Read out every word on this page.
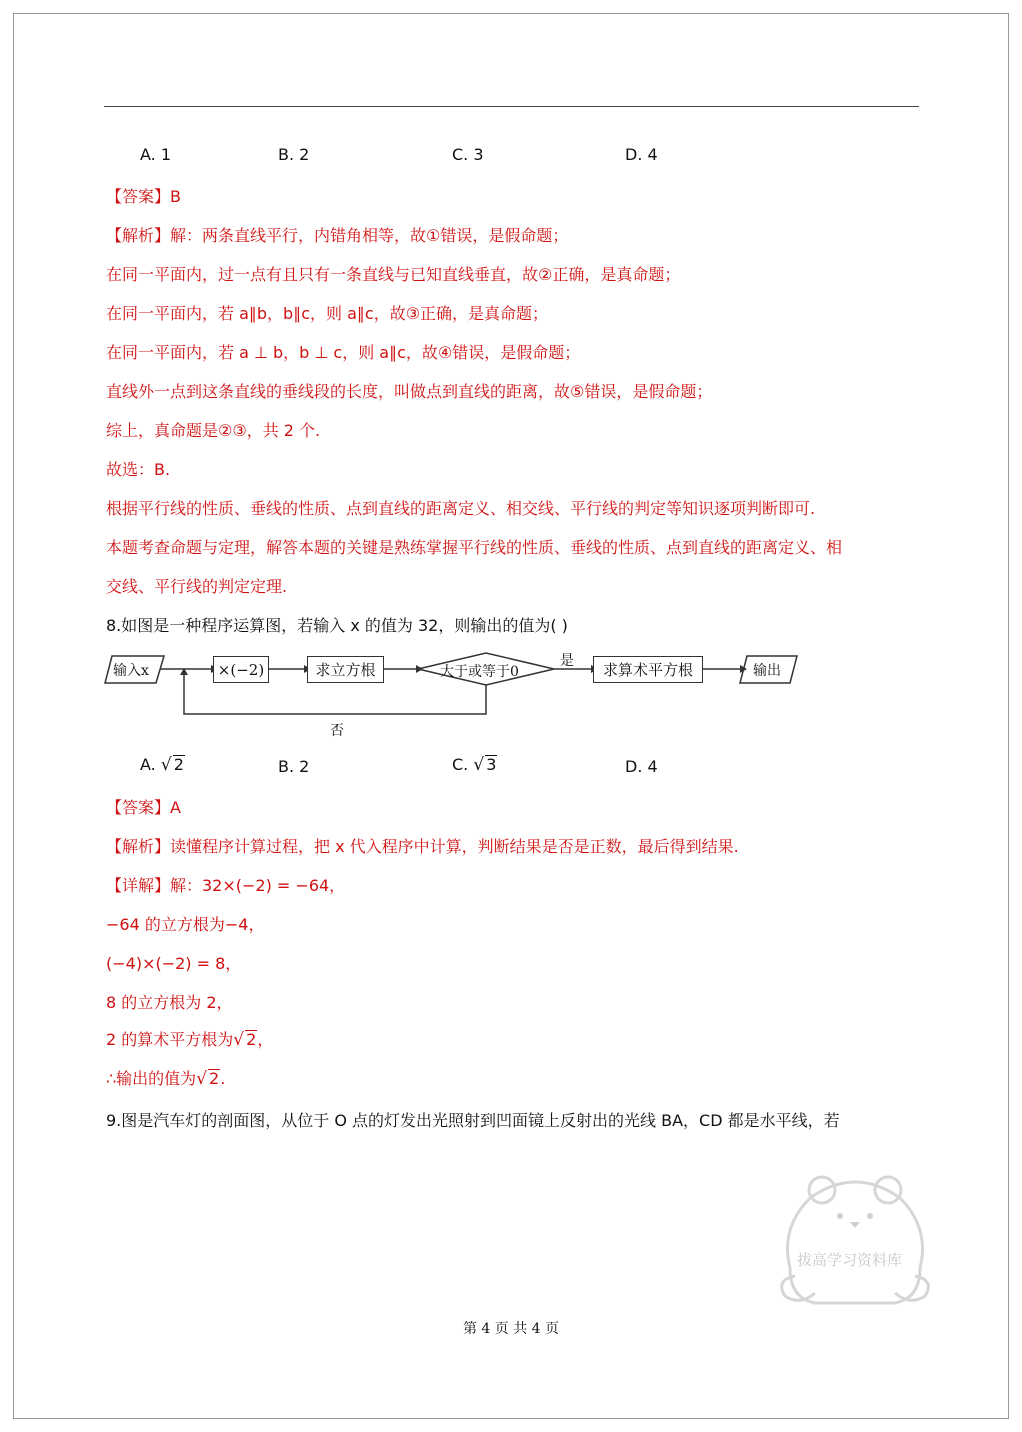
A. 1	B. 2	C. 3	D. 4
【答案】B
【解析】解：两条直线平行，内错角相等，故①错误，是假命题；
在同一平面内，过一点有且只有一条直线与已知直线垂直，故②正确，是真命题；
在同一平面内，若 a∥b，b∥c，则 a∥c，故③正确，是真命题；
在同一平面内，若 a ⊥ b，b ⊥ c，则 a∥c，故④错误，是假命题；
直线外一点到这条直线的垂线段的长度，叫做点到直线的距离，故⑤错误，是假命题；
综上，真命题是②③，共 2 个.
故选：B.
根据平行线的性质、垂线的性质、点到直线的距离定义、相交线、平行线的判定等知识逐项判断即可.
本题考查命题与定理，解答本题的关键是熟练掌握平行线的性质、垂线的性质、点到直线的距离定义、相
交线、平行线的判定定理.
8.如图是一种程序运算图，若输入 x 的值为 32，则输出的值为( )
×(−2)	求立方根	求算术平方根
输入x	大于或等于0	输出
是
否
A. √ 2	B. 2	C. √ 3	D. 4
【答案】A
【解析】读懂程序计算过程，把 x 代入程序中计算，判断结果是否是正数，最后得到结果.
【详解】解：32×(−2) = −64，
−64 的立方根为−4，
(−4)×(−2) = 8，
8 的立方根为 2，
2 的算术平方根为√ 2，
∴输出的值为√ 2.
9.图是汽车灯的剖面图，从位于 O 点的灯发出光照射到凹面镜上反射出的光线 BA，CD 都是水平线，若
拔高学习资料库
第 4 页 共 4 页
